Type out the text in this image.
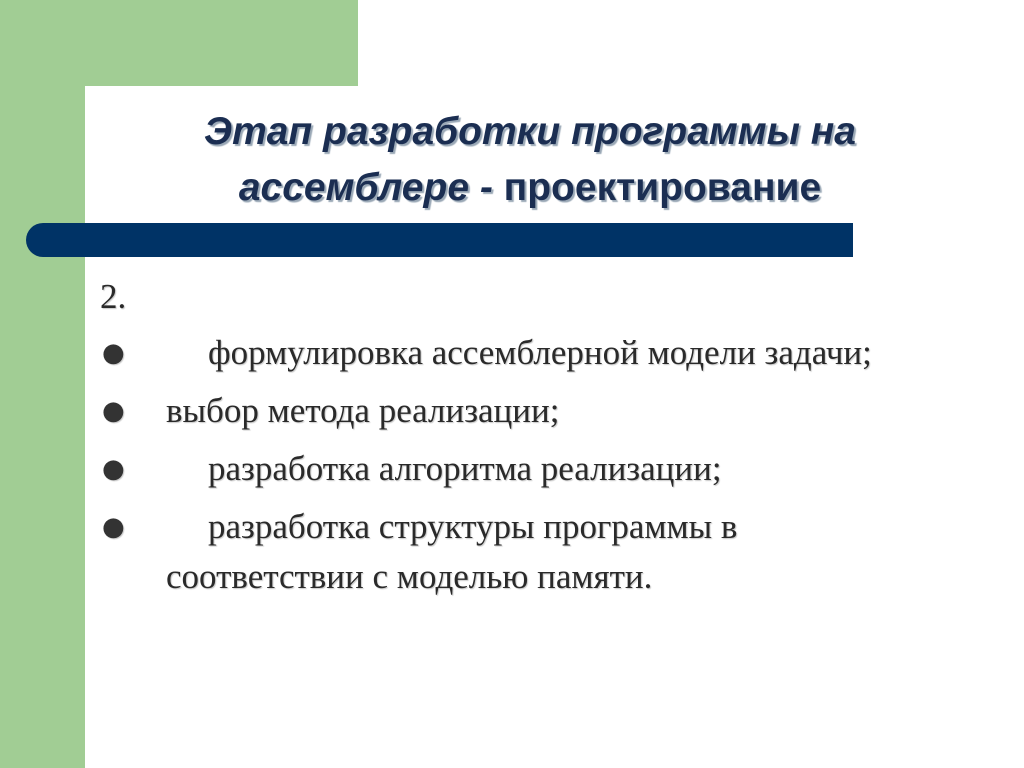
Этап разработки программы на ассемблере - проектирование
2.
● формулировка ассемблерной модели задачи;
● выбор метода реализации;
● разработка алгоритма реализации;
● разработка структуры программы в соответствии с моделью памяти.
